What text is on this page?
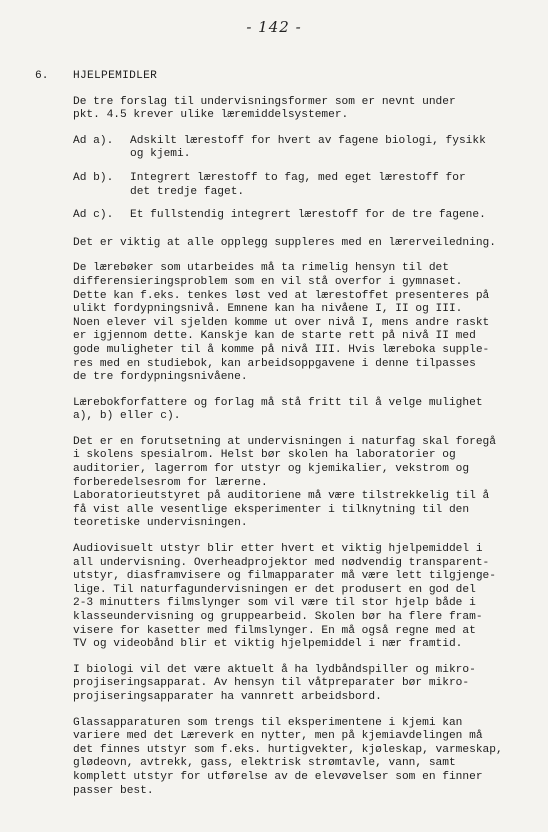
- 142 -
6.	HJELPEMIDLER

De tre forslag til undervisningsformer som er nevnt under
pkt. 4.5 krever ulike læremiddelsystemer.

Ad a).	Adskilt lærestoff for hvert av fagene biologi, fysikk
og kjemi.
Ad b).	Integrert lærestoff to fag, med eget lærestoff for
det tredje faget.
Ad c).	Et fullstendig integrert lærestoff for de tre fagene.

Det er viktig at alle opplegg suppleres med en lærerveiledning.

De lærebøker som utarbeides må ta rimelig hensyn til det
differensieringsproblem som en vil stå overfor i gymnaset.
Dette kan f.eks. tenkes løst ved at lærestoffet presenteres på
ulikt fordypningsnivå. Emnene kan ha nivåene I, II og III.
Noen elever vil sjelden komme ut over nivå I, mens andre raskt
er igjennom dette. Kanskje kan de starte rett på nivå II med
gode muligheter til å komme på nivå III. Hvis læreboka supple-
res med en studiebok, kan arbeidsoppgavene i denne tilpasses
de tre fordypningsnivåene.

Lærebokforfattere og forlag må stå fritt til å velge mulighet
a), b) eller c).

Det er en forutsetning at undervisningen i naturfag skal foregå
i skolens spesialrom. Helst bør skolen ha laboratorier og
auditorier, lagerrom for utstyr og kjemikalier, vekstrom og
forberedelsesrom for lærerne.
Laboratorieutstyret på auditoriene må være tilstrekkelig til å
få vist alle vesentlige eksperimenter i tilknytning til den
teoretiske undervisningen.

Audiovisuelt utstyr blir etter hvert et viktig hjelpemiddel i
all undervisning. Overheadprojektor med nødvendig transparent-
utstyr, diasframvisere og filmapparater må være lett tilgjenge-
lige. Til naturfagundervisningen er det produsert en god del
2-3 minutters filmslynger som vil være til stor hjelp både i
klasseundervisning og gruppearbeid. Skolen bør ha flere fram-
visere for kasetter med filmslynger. En må også regne med at
TV og videobånd blir et viktig hjelpemiddel i nær framtid.

I biologi vil det være aktuelt å ha lydbåndspiller og mikro-
projiseringsapparat. Av hensyn til våtpreparater bør mikro-
projiseringsapparater ha vannrett arbeidsbord.

Glassapparaturen som trengs til eksperimentene i kjemi kan
variere med det Læreverk en nytter, men på kjemiavdelingen må
det finnes utstyr som f.eks. hurtigvekter, kjøleskap, varmeskap,
glødeovn, avtrekk, gass, elektrisk strømtavle, vann, samt
komplett utstyr for utførelse av de elevøvelser som en finner
passer best.
